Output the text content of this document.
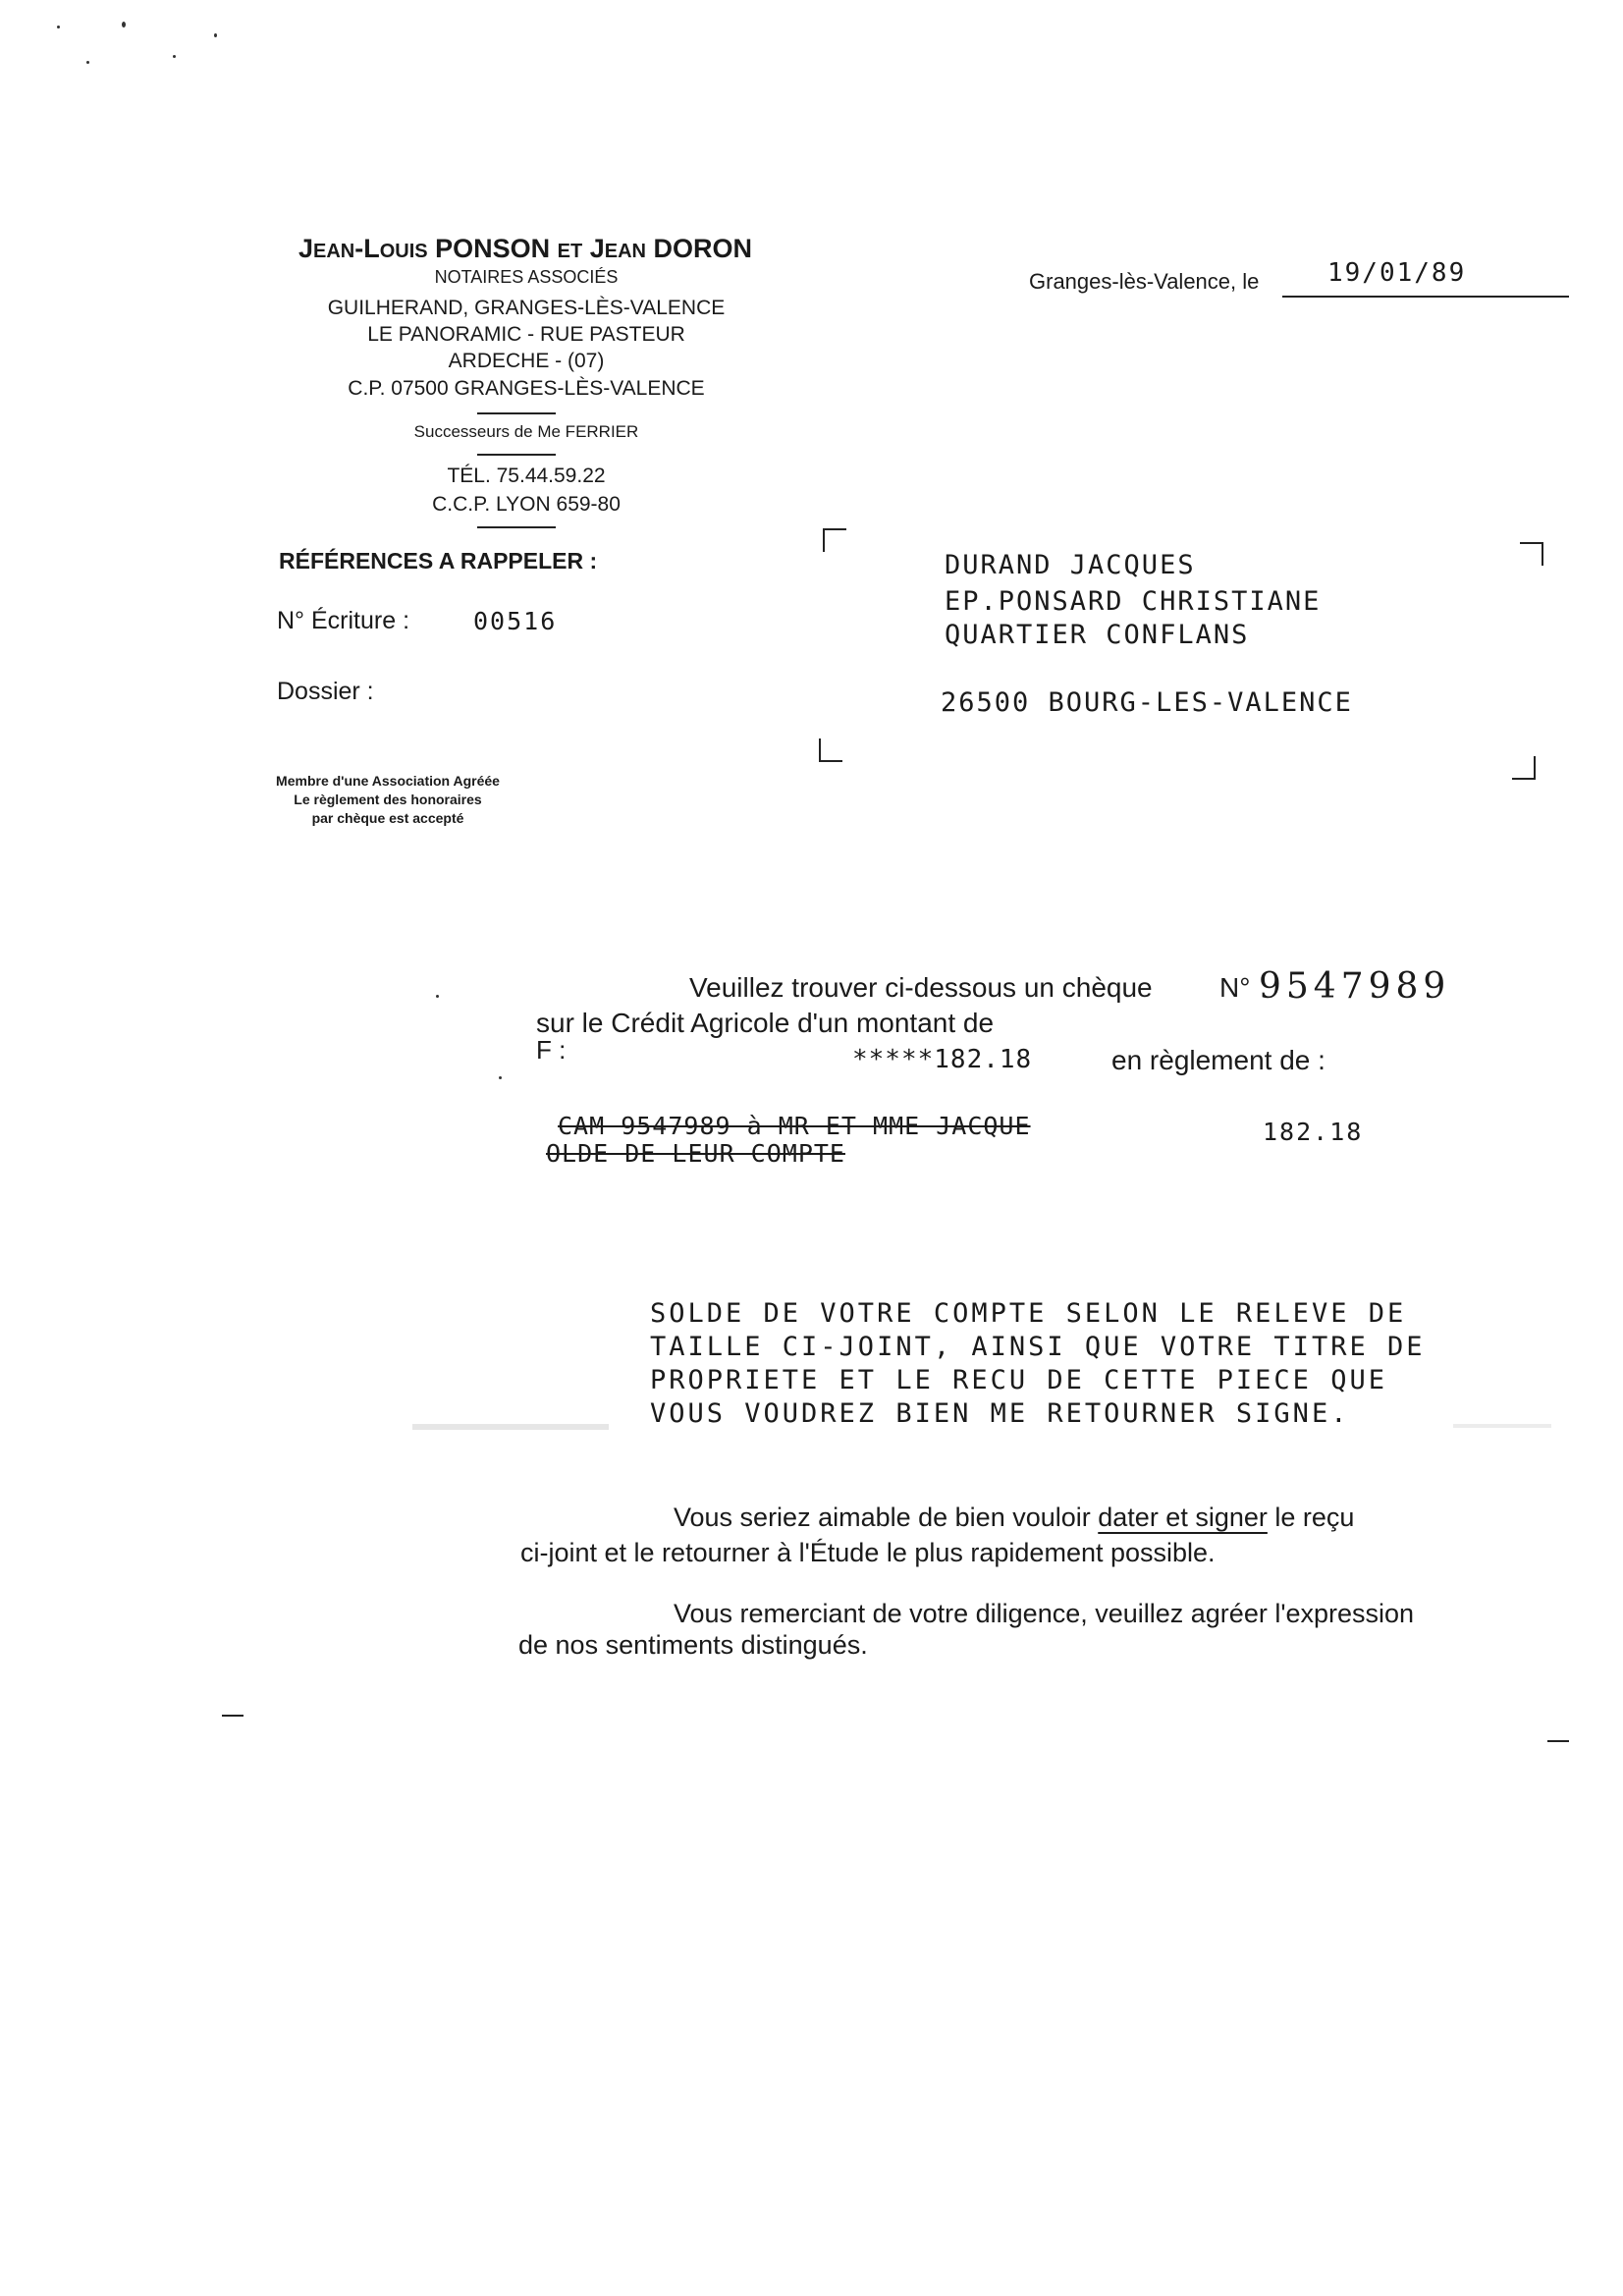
JEAN-LOUIS PONSON ET JEAN DORON
NOTAIRES ASSOCIÉS
GUILHERAND, GRANGES-LÈS-VALENCE
LE PANORAMIC - RUE PASTEUR
ARDECHE - (07)
C.P. 07500 GRANGES-LÈS-VALENCE
Successeurs de Me FERRIER
TÉL. 75.44.59.22
C.C.P. LYON 659-80
RÉFÉRENCES A RAPPELER :
N° Écriture :	00516
Dossier :
Membre d'une Association Agréée
Le règlement des honoraires
par chèque est accepté
Granges-lès-Valence, le	19/01/89
DURAND JACQUES
EP.PONSARD CHRISTIANE
QUARTIER CONFLANS
26500 BOURG-LES-VALENCE
Veuillez trouver ci-dessous un chèque N° 9547989
sur le Crédit Agricole d'un montant de
F :	*****182.18	en règlement de :
CAM 9547989 à MR ET MME JACQUE
OLDE DE LEUR COMPTE
182.18
SOLDE DE VOTRE COMPTE SELON LE RELEVE DE
TAILLE CI-JOINT, AINSI QUE VOTRE TITRE DE
PROPRIETE ET LE RECU DE CETTE PIECE QUE
VOUS VOUDREZ BIEN ME RETOURNER SIGNE.
Vous seriez aimable de bien vouloir dater et signer le reçu
ci-joint et le retourner à l'Étude le plus rapidement possible.
Vous remerciant de votre diligence, veuillez agréer l'expression
de nos sentiments distingués.
